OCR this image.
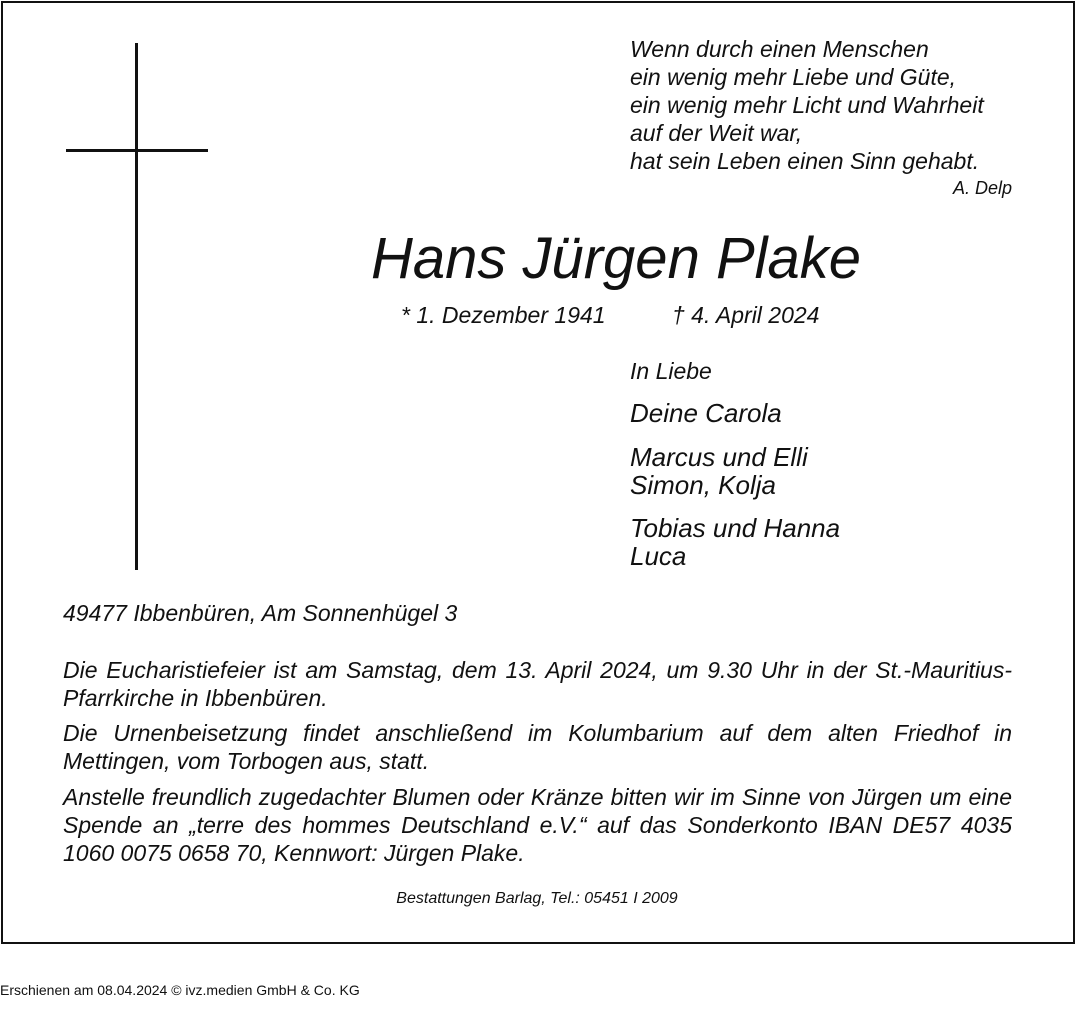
Wenn durch einen Menschen
ein wenig mehr Liebe und Güte,
ein wenig mehr Licht und Wahrheit
auf der Weit war,
hat sein Leben einen Sinn gehabt.
A. Delp
Hans Jürgen Plake
* 1. Dezember 1941	† 4. April 2024
In Liebe
Deine Carola
Marcus und Elli
Simon, Kolja
Tobias und Hanna
Luca
49477 Ibbenbüren, Am Sonnenhügel 3
Die Eucharistiefeier ist am Samstag, dem 13. April 2024, um 9.30 Uhr in der St.-Mauritius-Pfarrkirche in Ibbenbüren.
Die Urnenbeisetzung findet anschließend im Kolumbarium auf dem alten Friedhof in Mettingen, vom Torbogen aus, statt.
Anstelle freundlich zugedachter Blumen oder Kränze bitten wir im Sinne von Jürgen um eine Spende an „terre des hommes Deutschland e.V.“ auf das Sonderkonto IBAN DE57 4035 1060 0075 0658 70, Kennwort: Jürgen Plake.
Bestattungen Barlag, Tel.: 05451 I 2009
Erschienen am 08.04.2024 © ivz.medien GmbH & Co. KG
